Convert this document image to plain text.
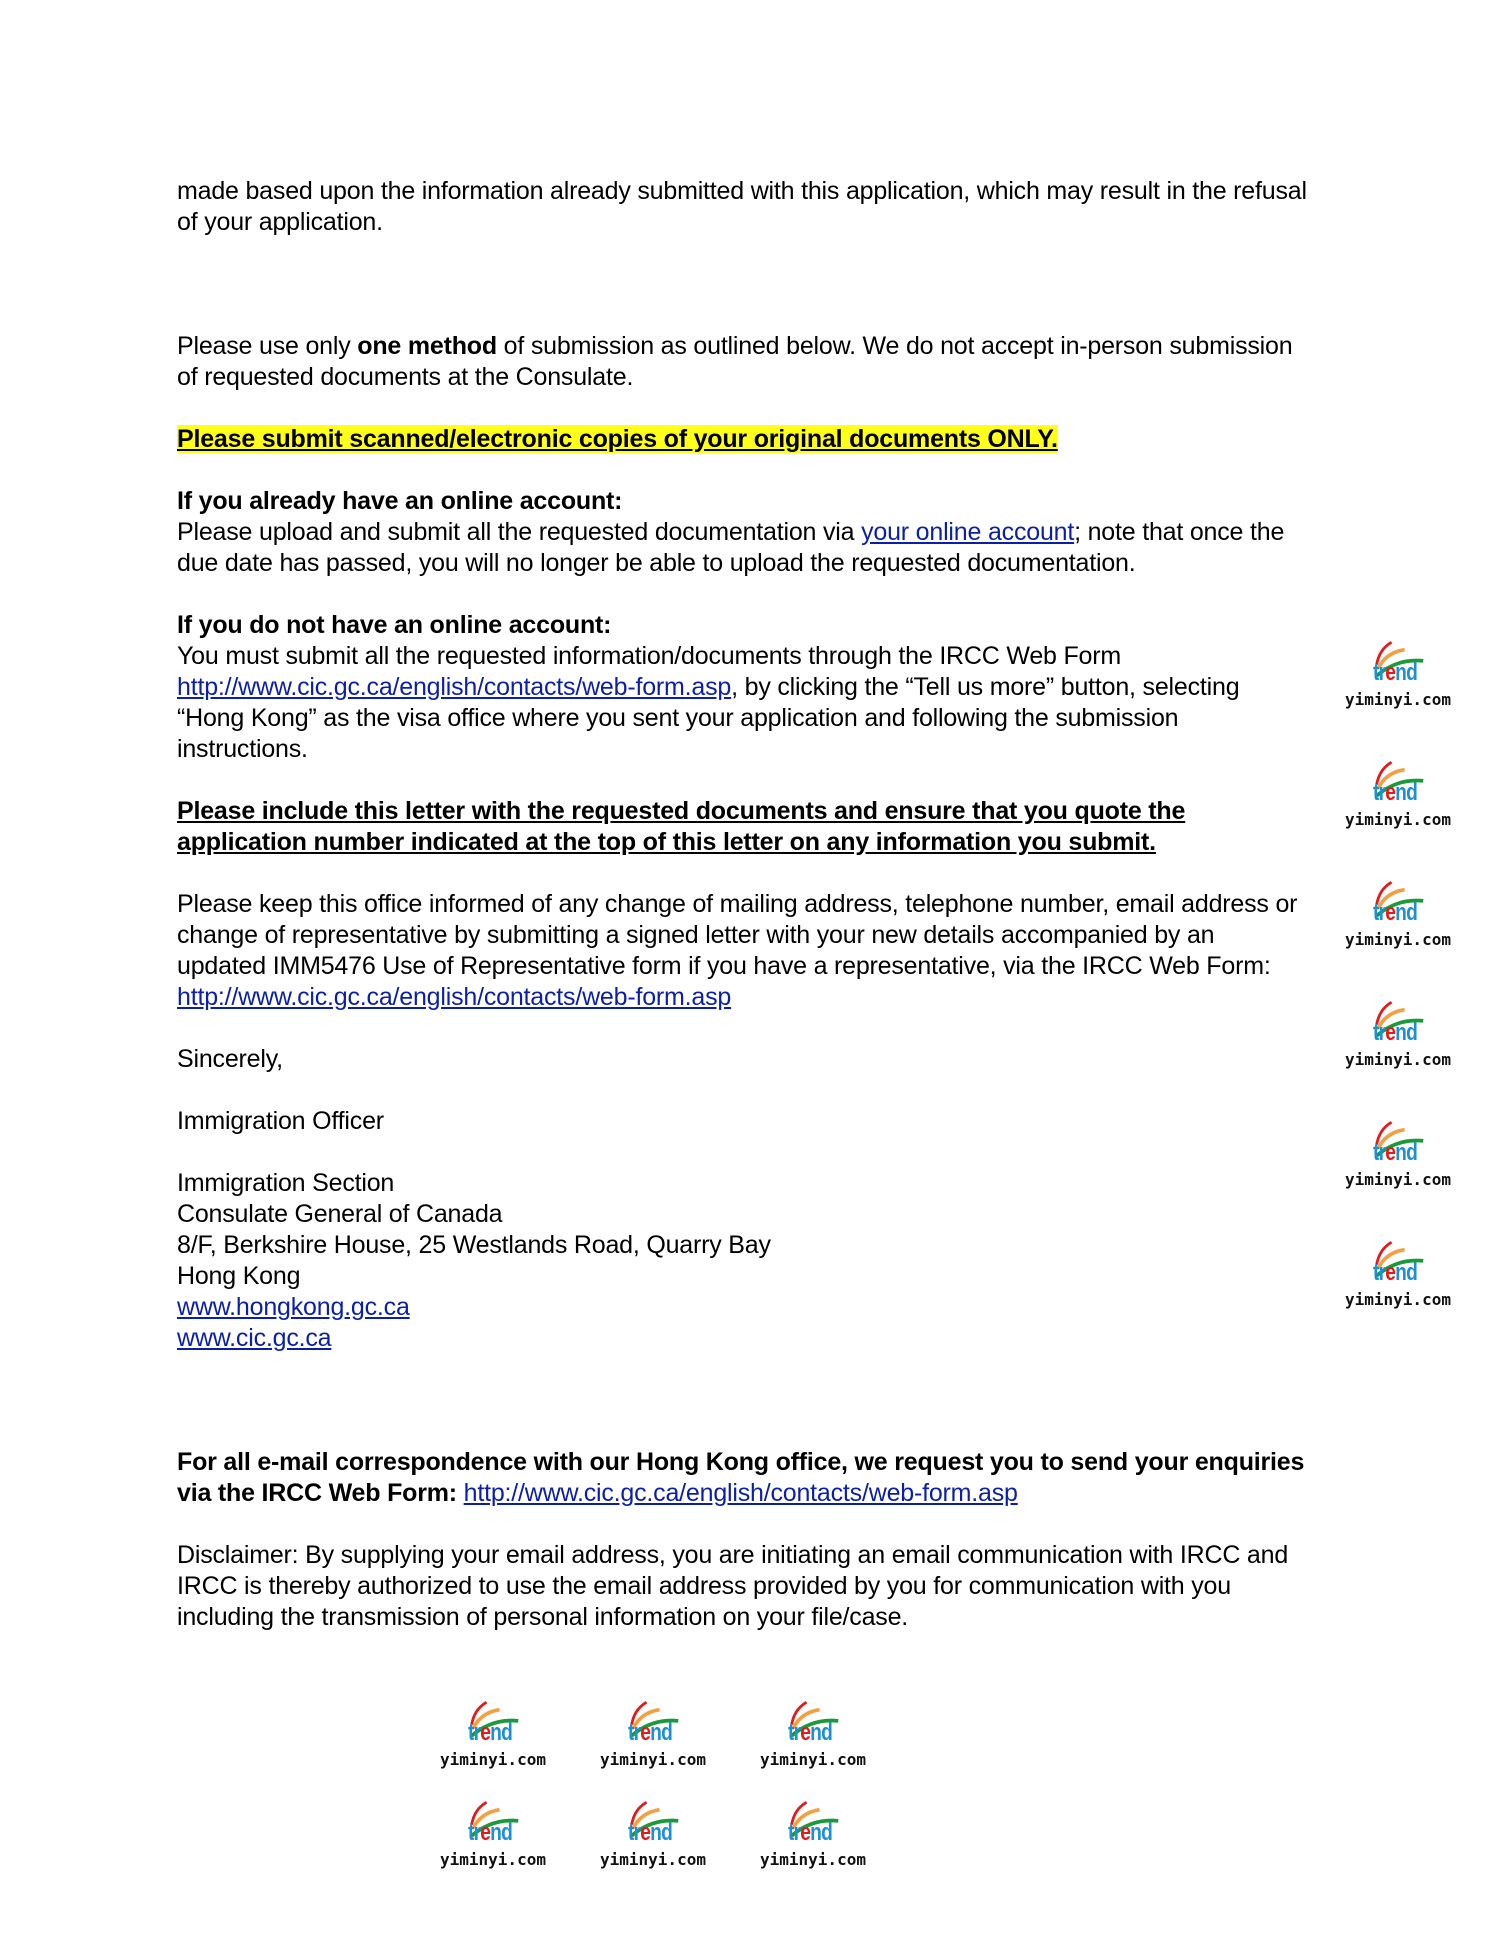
made based upon the information already submitted with this application, which may result in the refusal of your application.

Please use only one method of submission as outlined below. We do not accept in-person submission of requested documents at the Consulate.

Please submit scanned/electronic copies of your original documents ONLY.

If you already have an online account:

Please upload and submit all the requested documentation via your online account; note that once the due date has passed, you will no longer be able to upload the requested documentation.

If you do not have an online account:

You must submit all the requested information/documents through the IRCC Web Form http://www.cic.gc.ca/english/contacts/web-form.asp, by clicking the “Tell us more” button, selecting “Hong Kong” as the visa office where you sent your application and following the submission instructions.

Please include this letter with the requested documents and ensure that you quote the application number indicated at the top of this letter on any information you submit.

Please keep this office informed of any change of mailing address, telephone number, email address or change of representative by submitting a signed letter with your new details accompanied by an updated IMM5476 Use of Representative form if you have a representative, via the IRCC Web Form: http://www.cic.gc.ca/english/contacts/web-form.asp

Sincerely,

Immigration Officer

Immigration Section

Consulate General of Canada

8/F, Berkshire House, 25 Westlands Road, Quarry Bay

Hong Kong

www.hongkong.gc.ca

www.cic.gc.ca

For all e-mail correspondence with our Hong Kong office, we request you to send your enquiries via the IRCC Web Form: http://www.cic.gc.ca/english/contacts/web-form.asp

Disclaimer: By supplying your email address, you are initiating an email communication with IRCC and IRCC is thereby authorized to use the email address provided by you for communication with you including the transmission of personal information on your file/case.

trend
yiminyi.com
trend
yiminyi.com
trend
yiminyi.com
trend
yiminyi.com
trend
yiminyi.com
trend
yiminyi.com
trend
yiminyi.com
trend
yiminyi.com
trend
yiminyi.com
trend
yiminyi.com
trend
yiminyi.com
trend
yiminyi.com
